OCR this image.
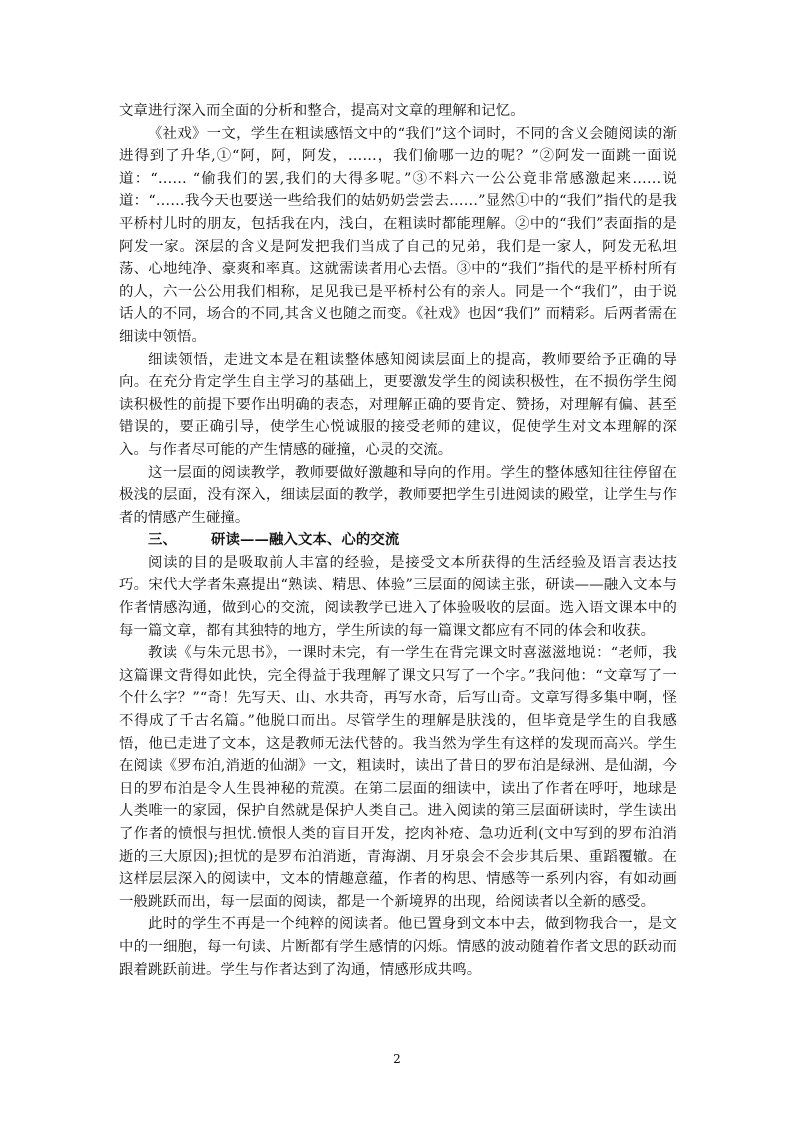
文章进行深入而全面的分析和整合，提高对文章的理解和记忆。

《社戏》一文，学生在粗读感悟文中的“我们”这个词时，不同的含义会随阅读的渐进得到了升华,①“阿，阿，阿发，……，我们偷哪一边的呢？”②阿发一面跳一面说道：“…… “偷我们的罢,我们的大得多呢。”③不料六一公公竟非常感激起来……说道：“……我今天也要送一些给我们的姑奶奶尝尝去……”显然①中的“我们”指代的是我平桥村儿时的朋友，包括我在内，浅白，在粗读时都能理解。②中的“我们”表面指的是阿发一家。深层的含义是阿发把我们当成了自己的兄弟，我们是一家人，阿发无私坦荡、心地纯净、豪爽和率真。这就需读者用心去悟。③中的“我们”指代的是平桥村所有的人，六一公公用我们相称，足见我已是平桥村公有的亲人。同是一个“我们”，由于说话人的不同，场合的不同,其含义也随之而变。《社戏》也因“我们” 而精彩。后两者需在细读中领悟。

细读领悟，走进文本是在粗读整体感知阅读层面上的提高，教师要给予正确的导向。在充分肯定学生自主学习的基础上，更要激发学生的阅读积极性，在不损伤学生阅读积极性的前提下要作出明确的表态，对理解正确的要肯定、赞扬，对理解有偏、甚至错误的，要正确引导，使学生心悦诚服的接受老师的建议，促使学生对文本理解的深入。与作者尽可能的产生情感的碰撞，心灵的交流。

这一层面的阅读教学，教师要做好激趣和导向的作用。学生的整体感知往往停留在极浅的层面，没有深入，细读层面的教学，教师要把学生引进阅读的殿堂，让学生与作者的情感产生碰撞。

三、 研读——融入文本、心的交流

阅读的目的是吸取前人丰富的经验，是接受文本所获得的生活经验及语言表达技巧。宋代大学者朱熹提出“熟读、精思、体验”三层面的阅读主张，研读——融入文本与作者情感沟通，做到心的交流，阅读教学已进入了体验吸收的层面。选入语文课本中的每一篇文章，都有其独特的地方，学生所读的每一篇课文都应有不同的体会和收获。

教读《与朱元思书》，一课时未完，有一学生在背完课文时喜滋滋地说：“老师，我这篇课文背得如此快，完全得益于我理解了课文只写了一个字。”我问他：“文章写了一个什么字？”“奇！先写天、山、水共奇，再写水奇，后写山奇。文章写得多集中啊，怪不得成了千古名篇。”他脱口而出。尽管学生的理解是肤浅的，但毕竟是学生的自我感悟，他已走进了文本，这是教师无法代替的。我当然为学生有这样的发现而高兴。学生在阅读《罗布泊,消逝的仙湖》一文，粗读时，读出了昔日的罗布泊是绿洲、是仙湖，今日的罗布泊是令人生畏神秘的荒漠。在第二层面的细读中，读出了作者在呼吁，地球是人类唯一的家园，保护自然就是保护人类自己。进入阅读的第三层面研读时，学生读出了作者的愤恨与担忧.愤恨人类的盲目开发，挖肉补疮、急功近利(文中写到的罗布泊消逝的三大原因);担忧的是罗布泊消逝，青海湖、月牙泉会不会步其后果、重蹈覆辙。在这样层层深入的阅读中，文本的情趣意蕴，作者的构思、情感等一系列内容，有如动画一般跳跃而出，每一层面的阅读，都是一个新境界的出现，给阅读者以全新的感受。

此时的学生不再是一个纯粹的阅读者。他已置身到文本中去，做到物我合一，是文中的一细胞，每一句读、片断都有学生感情的闪烁。情感的波动随着作者文思的跃动而跟着跳跃前进。学生与作者达到了沟通，情感形成共鸣。

2
